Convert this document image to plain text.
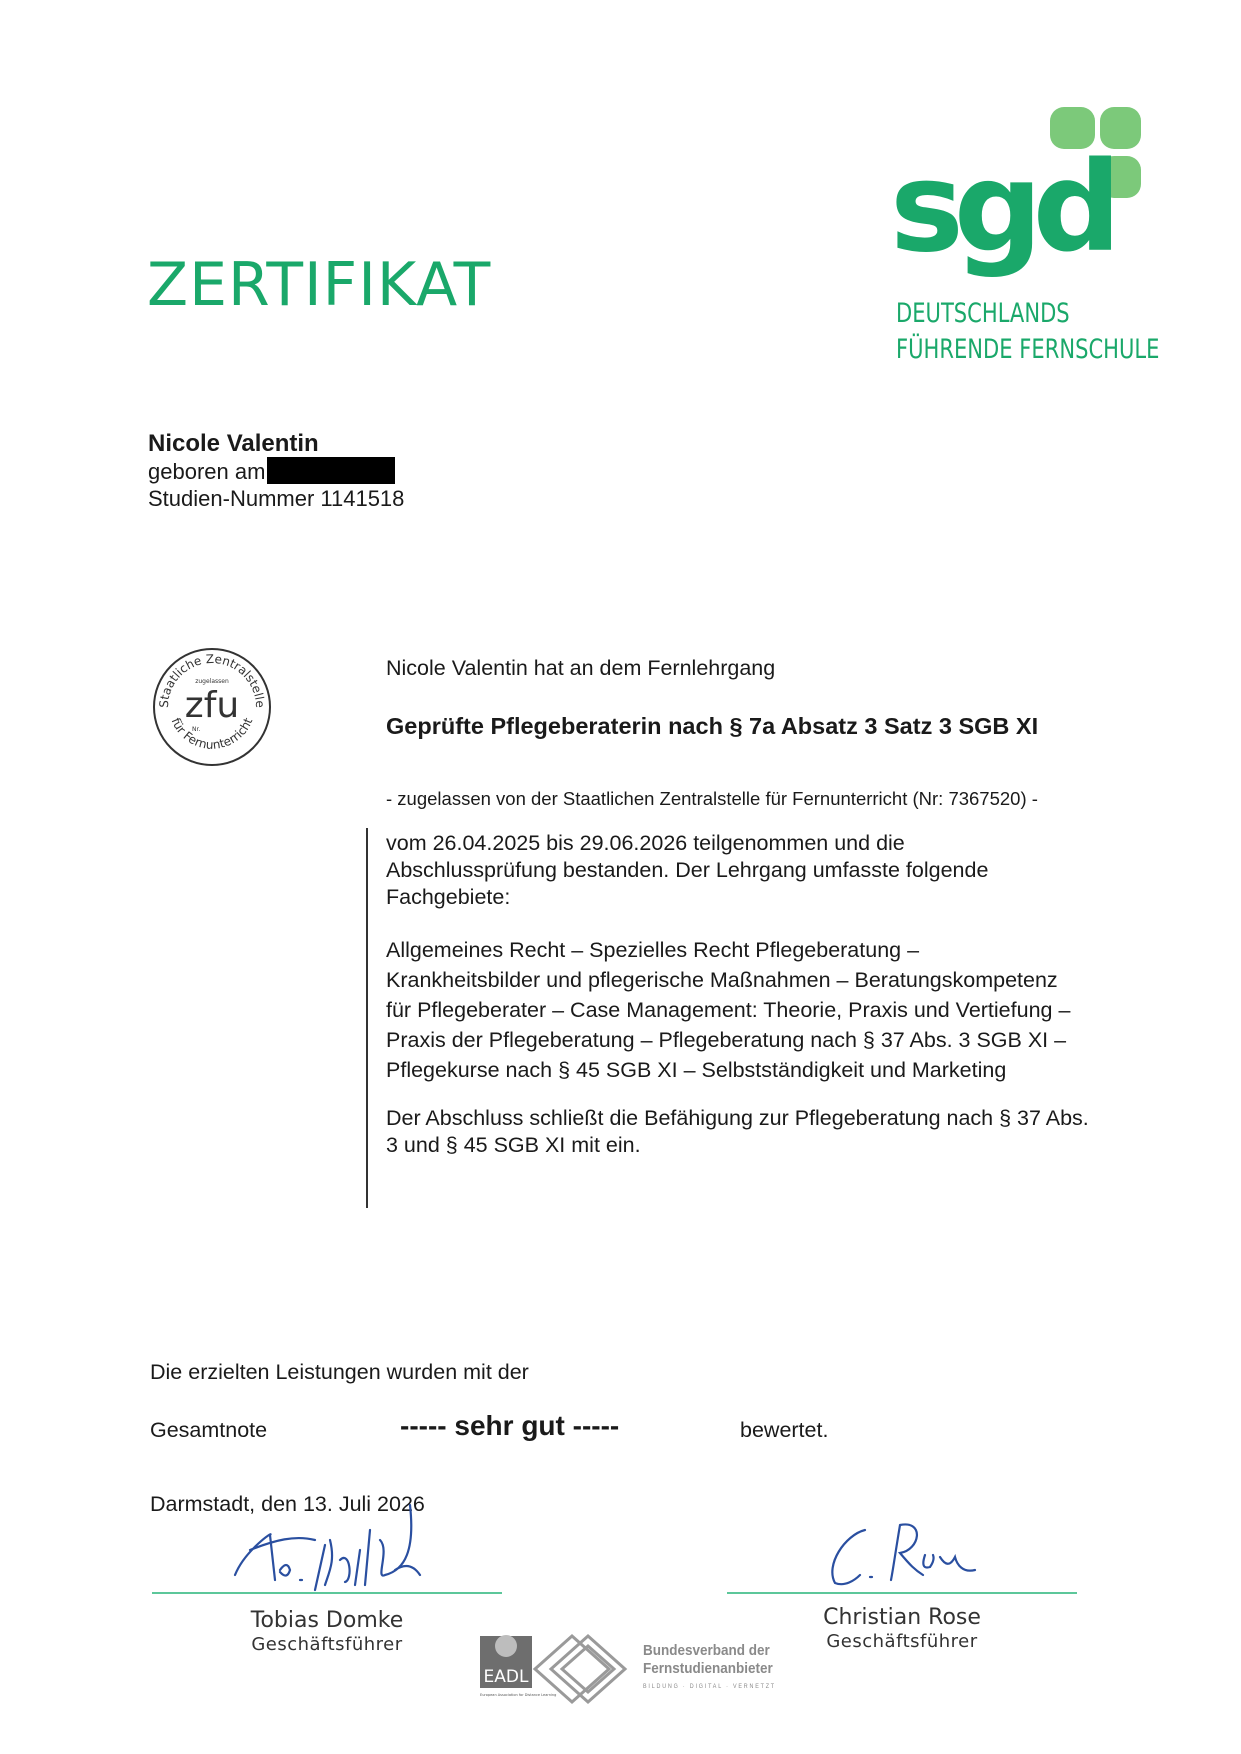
ZERTIFIKAT
sgd
DEUTSCHLANDS
FÜHRENDE FERNSCHULE
Nicole Valentin
geboren am
Studien-Nummer 1141518
Staatliche Zentralstelle
für Fernunterricht
zugelassen
zfu
Nr.
Nicole Valentin hat an dem Fernlehrgang
Geprüfte Pflegeberaterin nach § 7a Absatz 3 Satz 3 SGB XI
- zugelassen von der Staatlichen Zentralstelle für Fernunterricht (Nr: 7367520) -
vom 26.04.2025 bis 29.06.2026 teilgenommen und die Abschlussprüfung bestanden. Der Lehrgang umfasste folgende Fachgebiete:
Allgemeines Recht – Spezielles Recht Pflegeberatung –
Krankheitsbilder und pflegerische Maßnahmen – Beratungskompetenz
für Pflegeberater – Case Management: Theorie, Praxis und Vertiefung –
Praxis der Pflegeberatung – Pflegeberatung nach § 37 Abs. 3 SGB XI –
Pflegekurse nach § 45 SGB XI – Selbstständigkeit und Marketing
Der Abschluss schließt die Befähigung zur Pflegeberatung nach § 37 Abs. 3 und § 45 SGB XI mit ein.
Die erzielten Leistungen wurden mit der
Gesamtnote	----- sehr gut -----	bewertet.
Darmstadt, den 13. Juli 2026
Tobias Domke
Geschäftsführer
Christian Rose
Geschäftsführer
EADL
European Association for Distance Learning
Bundesverband der
Fernstudienanbieter
BILDUNG · DIGITAL · VERNETZT
